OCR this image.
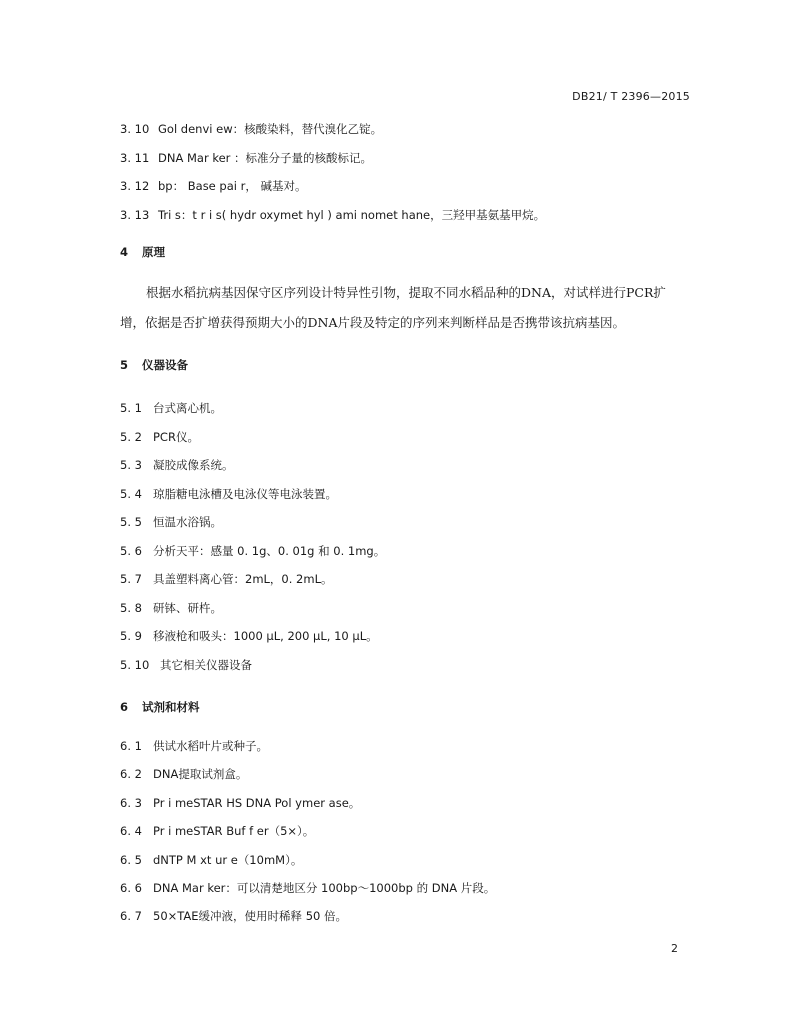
DB21/ T 2396—2015
3. 10 Gol denvi ew：核酸染料，替代溴化乙锭。
3. 11 DNA Mar ker ：标准分子量的核酸标记。
3. 12 bp： Base pai r， 碱基对。
3. 13 Tri s：t r i s( hydr oxymet hyl ) ami nomet hane，三羟甲基氨基甲烷。
4 原理
根据水稻抗病基因保守区序列设计特异性引物，提取不同水稻品种的DNA，对试样进行PCR扩增，依据是否扩增获得预期大小的DNA片段及特定的序列来判断样品是否携带该抗病基因。
5 仪器设备
5. 1 台式离心机。
5. 2 PCR仪。
5. 3 凝胶成像系统。
5. 4 琼脂糖电泳槽及电泳仪等电泳装置。
5. 5 恒温水浴锅。
5. 6 分析天平：感量 0. 1g、0. 01g 和 0. 1mg。
5. 7 具盖塑料离心管：2mL，0. 2mL。
5. 8 研钵、研杵。
5. 9 移液枪和吸头：1000 µL, 200 µL, 10 µL。
5. 10 其它相关仪器设备
6 试剂和材料
6. 1 供试水稻叶片或种子。
6. 2 DNA提取试剂盒。
6. 3 Pr i meSTAR HS DNA Pol ymer ase。
6. 4 Pr i meSTAR Buf f er（5×）。
6. 5 dNTP M xt ur e（10mM）。
6. 6 DNA Mar ker：可以清楚地区分 100bp～1000bp 的 DNA 片段。
6. 7 50×TAE缓冲液，使用时稀释 50 倍。
2
